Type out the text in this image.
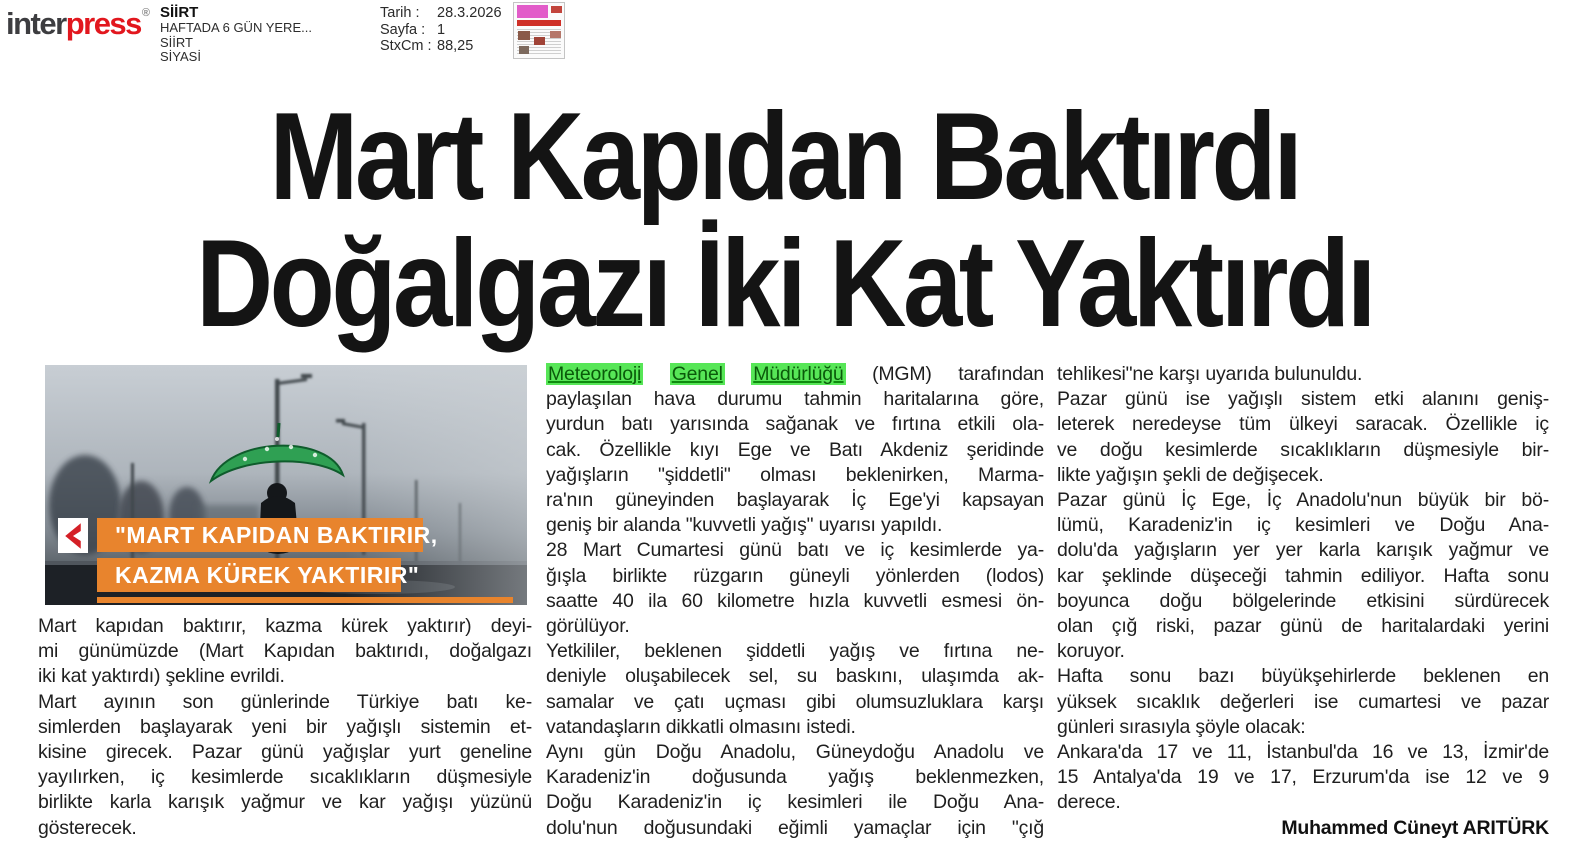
interpress® SİİRT
HAFTADA 6 GÜN YERE...
SİİRT
SİYASİ
Tarih :	28.3.2026
Sayfa : 1
StxCm : 88,25
Mart Kapıdan Baktırdı
Doğalgazı İki Kat Yaktırdı
"MART KAPIDAN BAKTIRIR,
KAZMA KÜREK YAKTIRIR"
Mart kapıdan baktırır, kazma kürek yaktırır) deyi-
mi günümüzde (Mart Kapıdan baktırıdı, doğalgazı
iki kat yaktırdı) şekline evrildi.
Mart ayının son günlerinde Türkiye batı ke-
simlerden başlayarak yeni bir yağışlı sistemin et-
kisine girecek. Pazar günü yağışlar yurt geneline
yayılırken, iç kesimlerde sıcaklıkların düşmesiyle
birlikte karla karışık yağmur ve kar yağışı yüzünü
gösterecek.
Meteoroloji Genel Müdürlüğü (MGM) tarafından
paylaşılan hava durumu tahmin haritalarına göre,
yurdun batı yarısında sağanak ve fırtına etkili ola-
cak. Özellikle kıyı Ege ve Batı Akdeniz şeridinde
yağışların "şiddetli" olması beklenirken, Marma-
ra'nın güneyinden başlayarak İç Ege'yi kapsayan
geniş bir alanda "kuvvetli yağış" uyarısı yapıldı.
28 Mart Cumartesi günü batı ve iç kesimlerde ya-
ğışla birlikte rüzgarın güneyli yönlerden (lodos)
saatte 40 ila 60 kilometre hızla kuvvetli esmesi ön-
görülüyor.
Yetkililer, beklenen şiddetli yağış ve fırtına ne-
deniyle oluşabilecek sel, su baskını, ulaşımda ak-
samalar ve çatı uçması gibi olumsuzluklara karşı
vatandaşların dikkatli olmasını istedi.
Aynı gün Doğu Anadolu, Güneydoğu Anadolu ve
Karadeniz'in doğusunda yağış beklenmezken,
Doğu Karadeniz'in iç kesimleri ile Doğu Ana-
dolu'nun doğusundaki eğimli yamaçlar için "çığ
tehlikesi"ne karşı uyarıda bulunuldu.
Pazar günü ise yağışlı sistem etki alanını geniş-
leterek neredeyse tüm ülkeyi saracak. Özellikle iç
ve doğu kesimlerde sıcaklıkların düşmesiyle bir-
likte yağışın şekli de değişecek.
Pazar günü İç Ege, İç Anadolu'nun büyük bir bö-
lümü, Karadeniz'in iç kesimleri ve Doğu Ana-
dolu'da yağışların yer yer karla karışık yağmur ve
kar şeklinde düşeceği tahmin ediliyor. Hafta sonu
boyunca doğu bölgelerinde etkisini sürdürecek
olan çığ riski, pazar günü de haritalardaki yerini
koruyor.
Hafta sonu bazı büyükşehirlerde beklenen en
yüksek sıcaklık değerleri ise cumartesi ve pazar
günleri sırasıyla şöyle olacak:
Ankara'da 17 ve 11, İstanbul'da 16 ve 13, İzmir'de
15 Antalya'da 19 ve 17, Erzurum'da ise 12 ve 9
derece.
Muhammed Cüneyt ARITÜRK
